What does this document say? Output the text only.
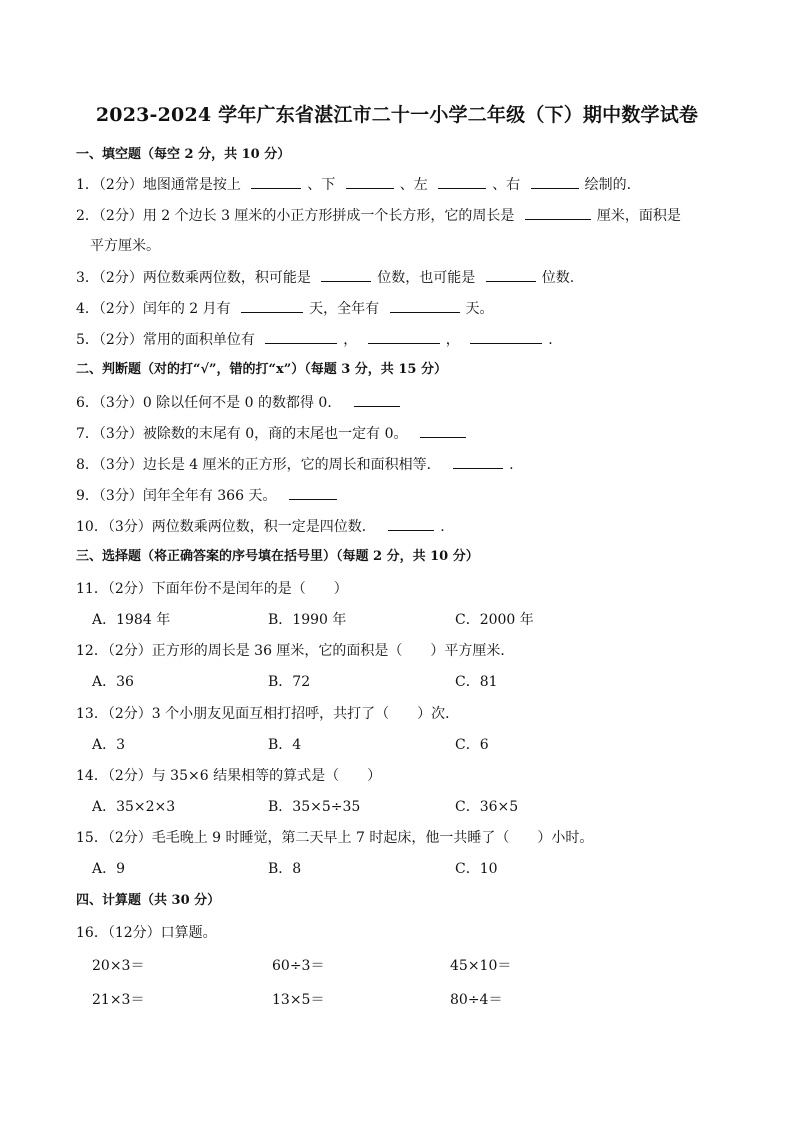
2023-2024 学年广东省湛江市二十一小学二年级（下）期中数学试卷
一、填空题（每空 2 分，共 10 分）
1．（2分）地图通常是按上	、下	、左	、右	绘制的.
2．（2分）用 2 个边长 3 厘米的小正方形拼成一个长方形，它的周长是	厘米，面积是
平方厘米。
3．（2分）两位数乘两位数，积可能是	位数，也可能是	位数.
4．（2分）闰年的 2 月有	天，全年有	天。
5．（2分）常用的面积单位有	，	，	.
二、判断题（对的打“√”，错的打“x”）（每题 3 分，共 15 分）
6．（3分）0 除以任何不是 0 的数都得 0．
7．（3分）被除数的末尾有 0，商的末尾也一定有 0。
8．（3分）边长是 4 厘米的正方形，它的周长和面积相等．	.
9．（3分）闰年全年有 366 天。
10．（3分）两位数乘两位数，积一定是四位数．	.
三、选择题（将正确答案的序号填在括号里）（每题 2 分，共 10 分）
11．（2分）下面年份不是闰年的是（　　）
A．1984 年	B．1990 年	C．2000 年
12．（2分）正方形的周长是 36 厘米，它的面积是（　　）平方厘米．
A．36	B．72	C．81
13．（2分）3 个小朋友见面互相打招呼，共打了（　　）次．
A．3	B．4	C．6
14．（2分）与 35×6 结果相等的算式是（　　）
A．35×2×3	B．35×5÷35	C．36×5
15．（2分）毛毛晚上 9 时睡觉，第二天早上 7 时起床，他一共睡了（　　）小时。
A．9	B．8	C．10
四、计算题（共 30 分）
16．（12分）口算题。
20×3＝	60÷3＝	45×10＝
21×3＝	13×5＝	80÷4＝
